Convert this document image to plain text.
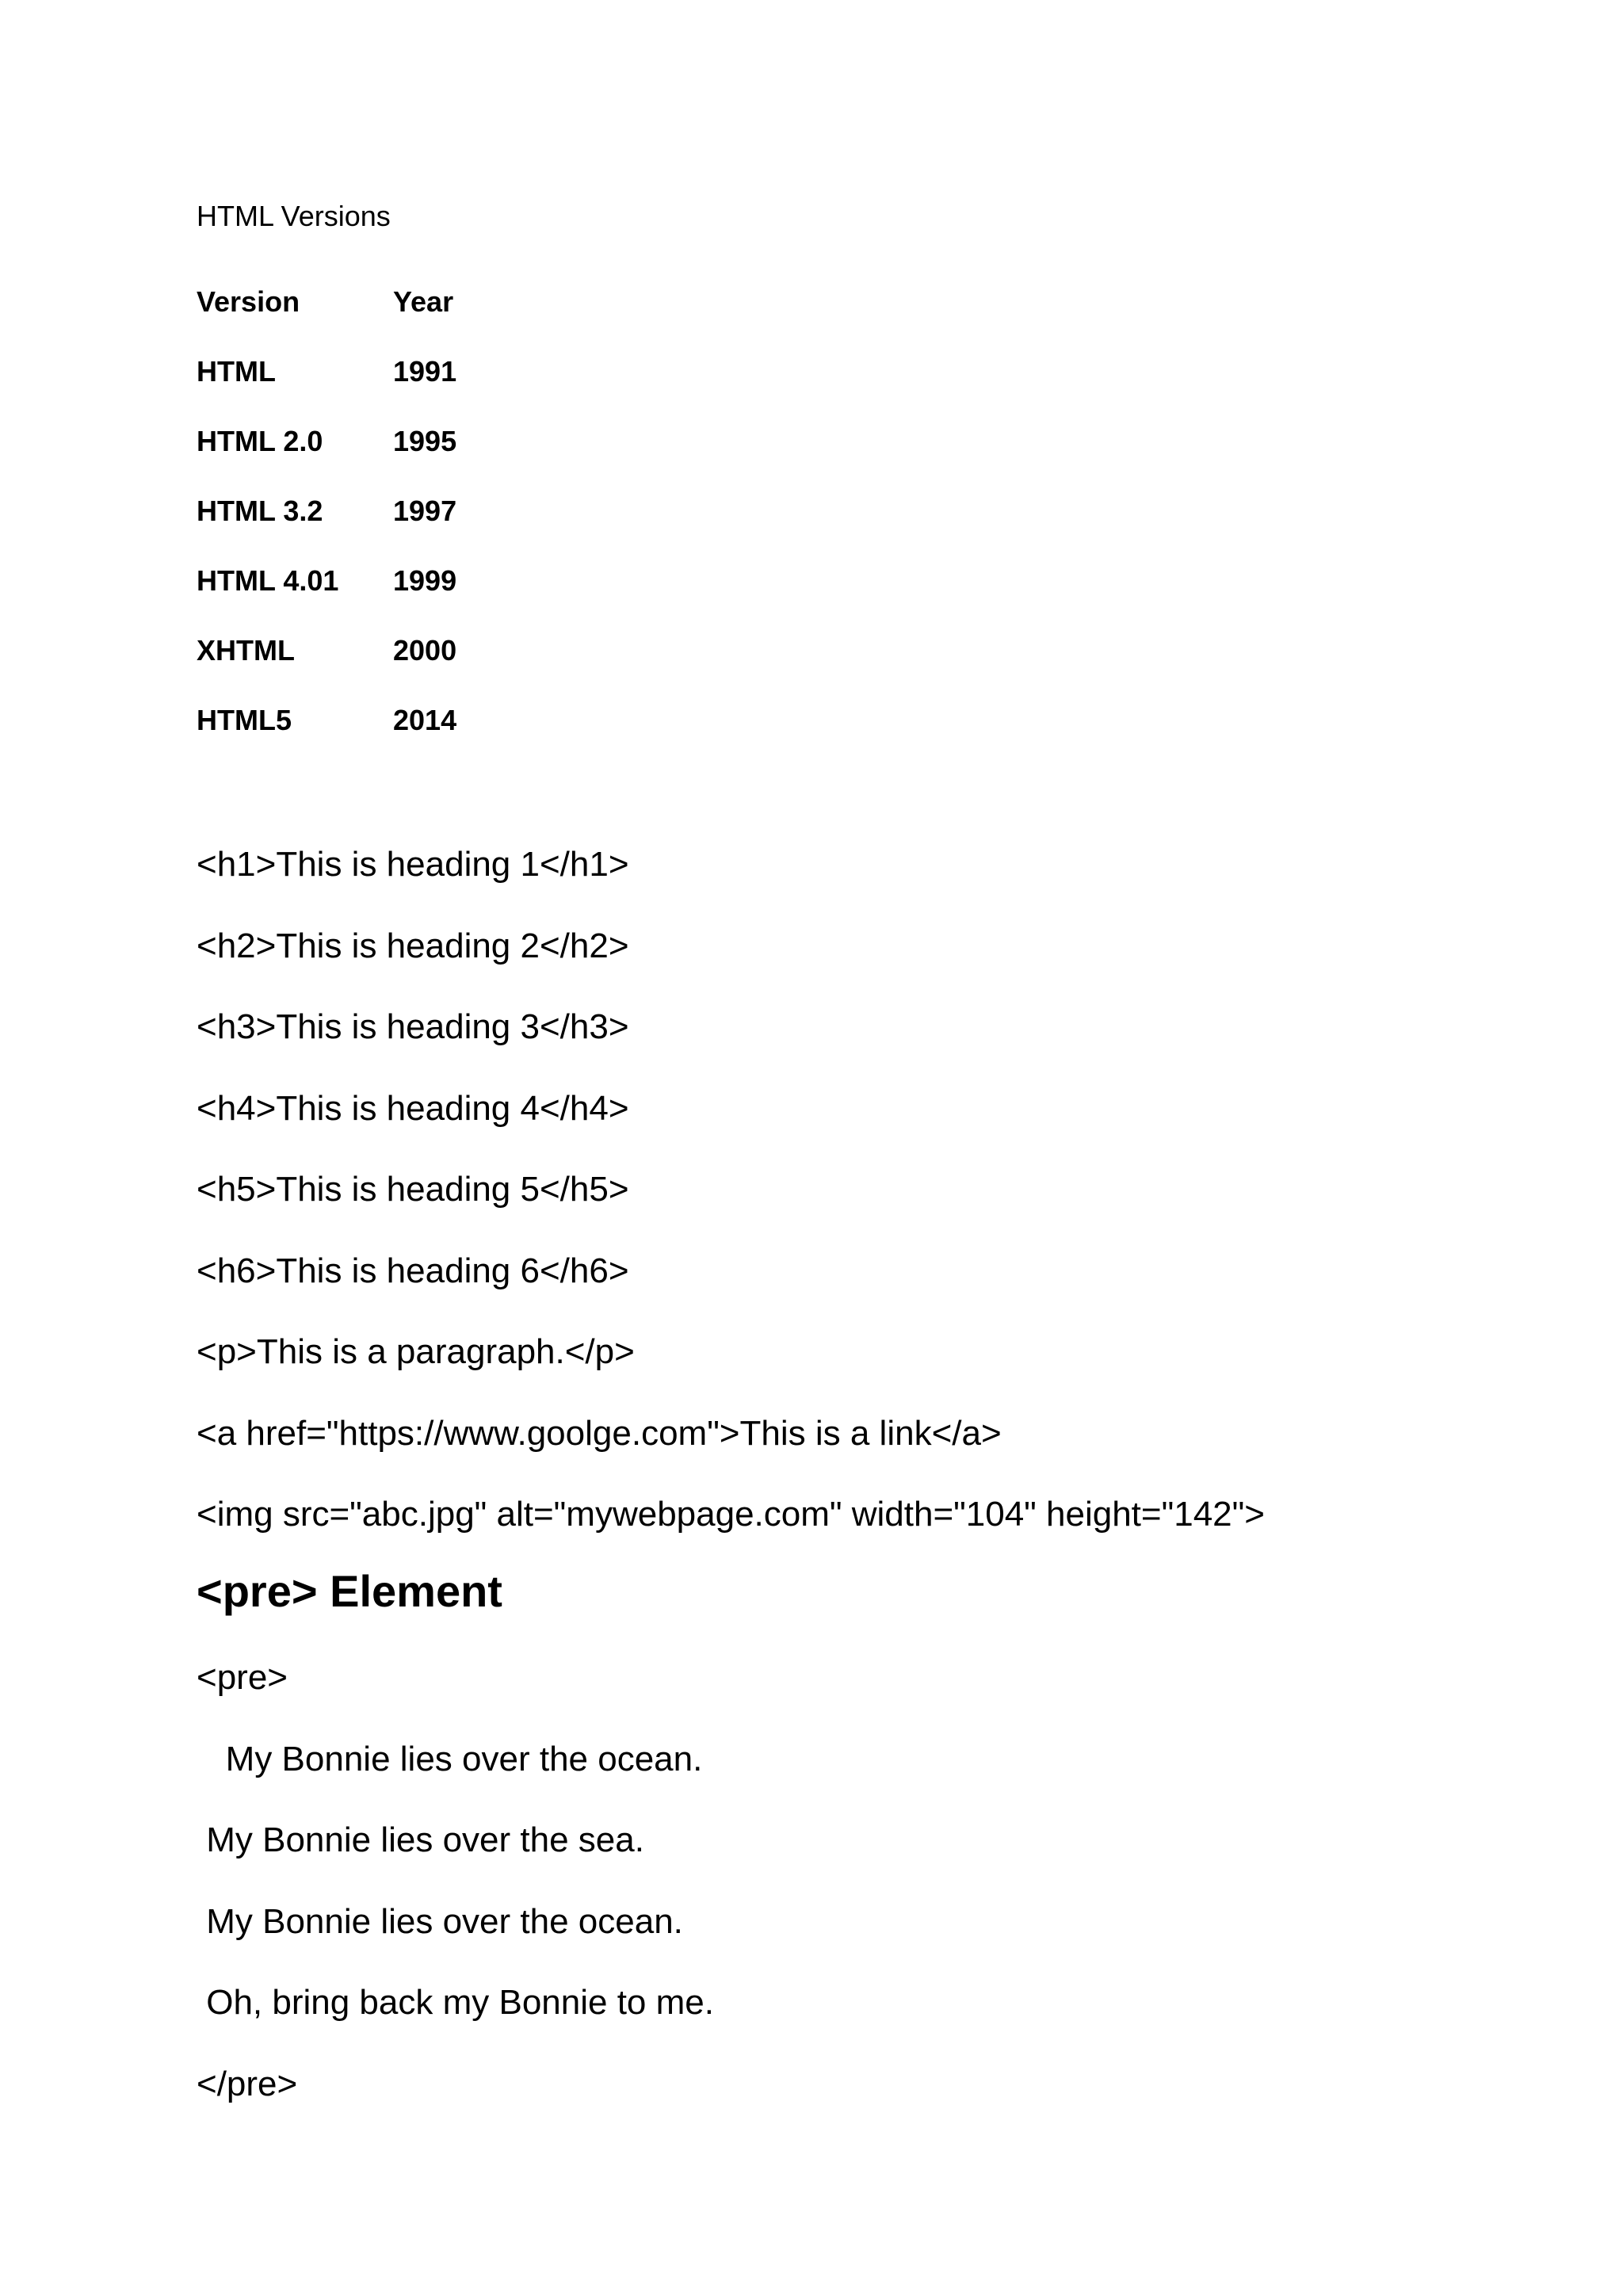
HTML Versions
Version	Year
HTML	1991
HTML 2.0	1995
HTML 3.2	1997
HTML 4.01	1999
XHTML	2000
HTML5	2014
<h1>This is heading 1</h1>
<h2>This is heading 2</h2>
<h3>This is heading 3</h3>
<h4>This is heading 4</h4>
<h5>This is heading 5</h5>
<h6>This is heading 6</h6>
<p>This is a paragraph.</p>
<a href="https://www.goolge.com">This is a link</a>
<img src="abc.jpg" alt="mywebpage.com" width="104" height="142">
<pre> Element
<pre>
My Bonnie lies over the ocean.
My Bonnie lies over the sea.
My Bonnie lies over the ocean.
Oh, bring back my Bonnie to me.
</pre>
